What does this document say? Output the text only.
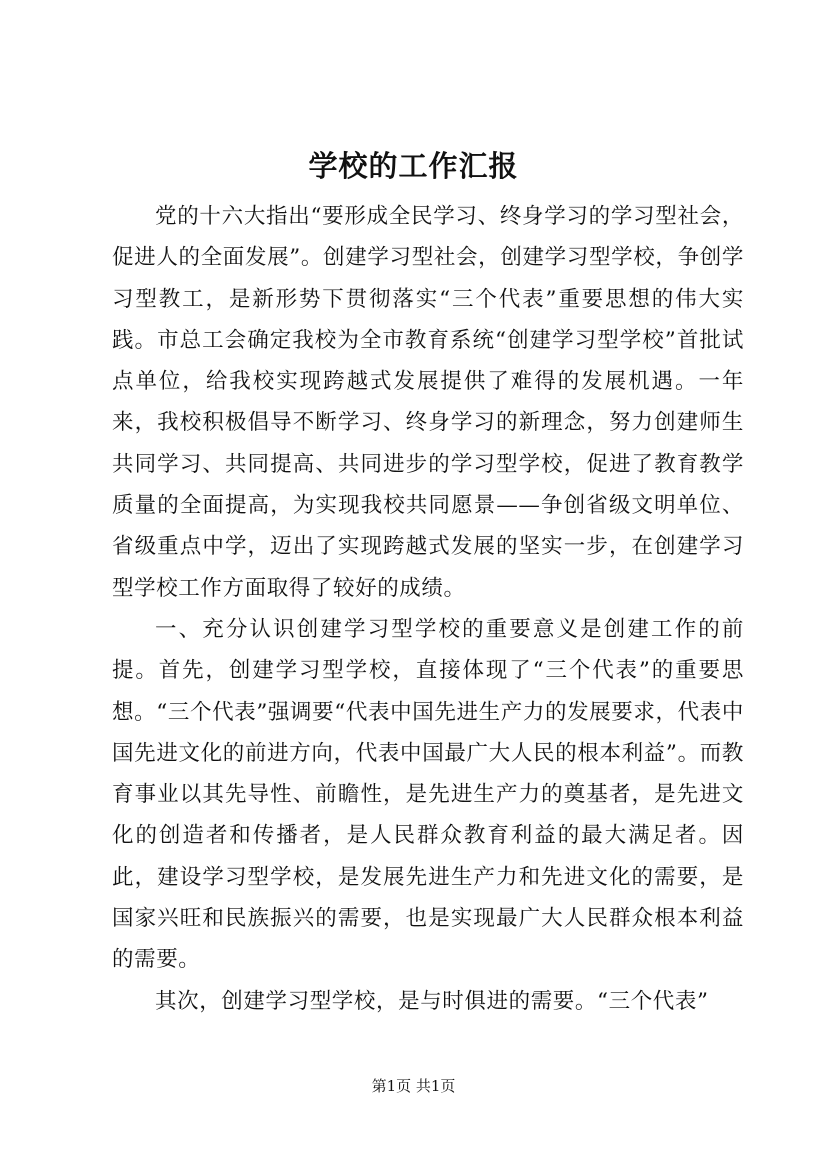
学校的工作汇报

党的十六大指出“要形成全民学习、终身学习的学习型社会，促进人的全面发展”。创建学习型社会，创建学习型学校，争创学习型教工，是新形势下贯彻落实“三个代表”重要思想的伟大实践。市总工会确定我校为全市教育系统“创建学习型学校”首批试点单位，给我校实现跨越式发展提供了难得的发展机遇。一年来，我校积极倡导不断学习、终身学习的新理念，努力创建师生共同学习、共同提高、共同进步的学习型学校，促进了教育教学质量的全面提高，为实现我校共同愿景——争创省级文明单位、省级重点中学，迈出了实现跨越式发展的坚实一步，在创建学习型学校工作方面取得了较好的成绩。

一、充分认识创建学习型学校的重要意义是创建工作的前提。首先，创建学习型学校，直接体现了“三个代表”的重要思想。“三个代表”强调要“代表中国先进生产力的发展要求，代表中国先进文化的前进方向，代表中国最广大人民的根本利益”。而教育事业以其先导性、前瞻性，是先进生产力的奠基者，是先进文化的创造者和传播者，是人民群众教育利益的最大满足者。因此，建设学习型学校，是发展先进生产力和先进文化的需要，是国家兴旺和民族振兴的需要，也是实现最广大人民群众根本利益的需要。

其次，创建学习型学校，是与时俱进的需要。“三个代表”

第1页 共1页
